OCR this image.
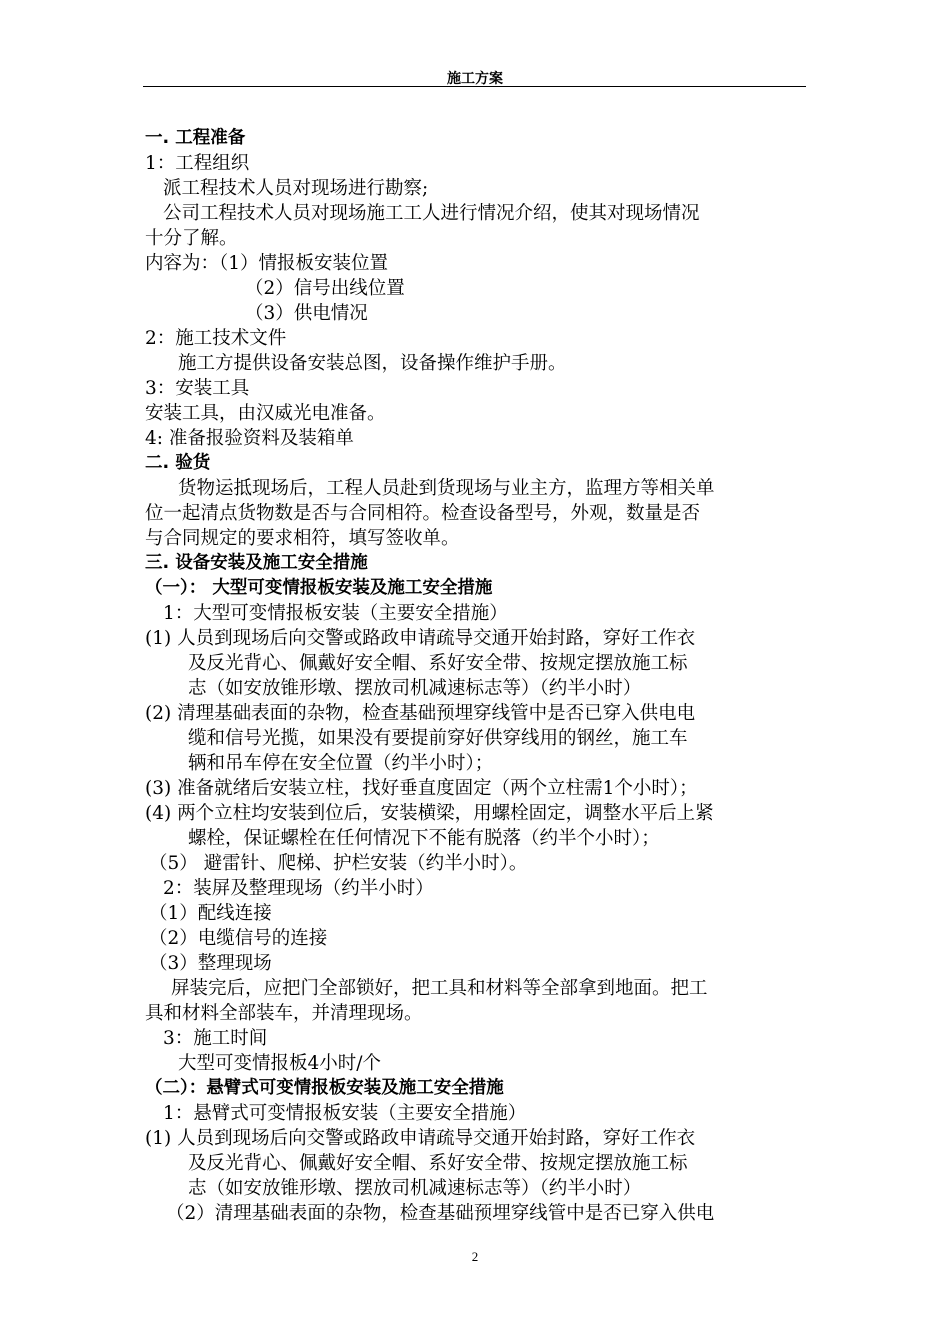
施工方案
一. 工程准备
1：工程组织
派工程技术人员对现场进行勘察;
公司工程技术人员对现场施工工人进行情况介绍，使其对现场情况
十分了解。
内容为：（1）情报板安装位置
（2）信号出线位置
（3）供电情况
2：施工技术文件
施工方提供设备安装总图，设备操作维护手册。
3：安装工具
安装工具，由汉威光电准备。
4: 准备报验资料及装箱单
二. 验货
货物运抵现场后，工程人员赴到货现场与业主方，监理方等相关单
位一起清点货物数是否与合同相符。检查设备型号，外观，数量是否
与合同规定的要求相符，填写签收单。
三. 设备安装及施工安全措施
（一）： 大型可变情报板安装及施工安全措施
1：大型可变情报板安装（主要安全措施）
(1) 人员到现场后向交警或路政申请疏导交通开始封路，穿好工作衣
及反光背心、佩戴好安全帽、系好安全带、按规定摆放施工标
志（如安放锥形墩、摆放司机减速标志等）（约半小时）
(2) 清理基础表面的杂物，检查基础预埋穿线管中是否已穿入供电电
缆和信号光揽，如果没有要提前穿好供穿线用的钢丝，施工车
辆和吊车停在安全位置（约半小时）；
(3) 准备就绪后安装立柱，找好垂直度固定（两个立柱需1个小时）；
(4) 两个立柱均安装到位后，安装横梁，用螺栓固定，调整水平后上紧
螺栓，保证螺栓在任何情况下不能有脱落（约半个小时）；
（5） 避雷针、爬梯、护栏安装（约半小时）。
2：装屏及整理现场（约半小时）
（1）配线连接
（2）电缆信号的连接
（3）整理现场
屏装完后，应把门全部锁好，把工具和材料等全部拿到地面。把工
具和材料全部装车，并清理现场。
3：施工时间
大型可变情报板4小时/个
（二）：悬臂式可变情报板安装及施工安全措施
1：悬臂式可变情报板安装（主要安全措施）
(1) 人员到现场后向交警或路政申请疏导交通开始封路，穿好工作衣
及反光背心、佩戴好安全帽、系好安全带、按规定摆放施工标
志（如安放锥形墩、摆放司机减速标志等）（约半小时）
（2）清理基础表面的杂物，检查基础预埋穿线管中是否已穿入供电
2
